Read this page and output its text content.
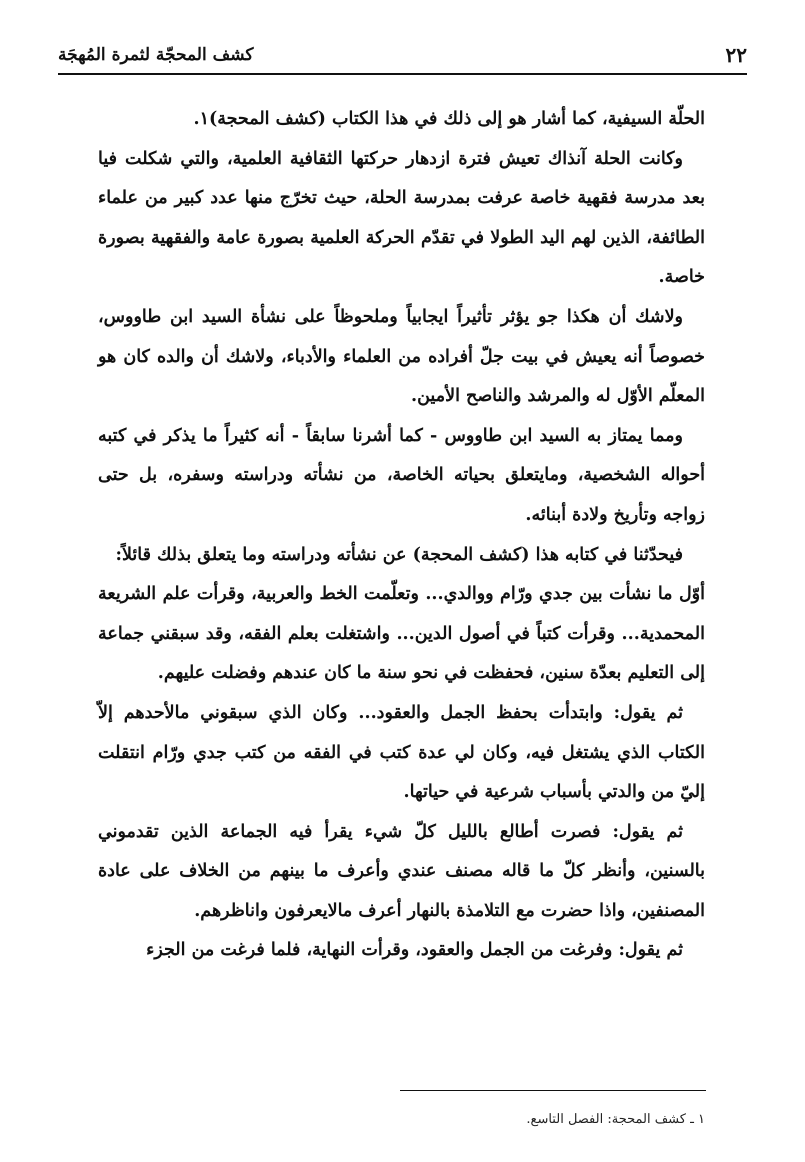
٢٢
كشف المحجّة لثمرة المُهجَة

الحلّة السيفية، كما أشار هو إلى ذلك في هذا الكتاب (كشف المحجة)١.

وكانت الحلة آنذاك تعيش فترة ازدهار حركتها الثقافية العلمية، والتي شكلت فيا بعد مدرسة فقهية خاصة عرفت بمدرسة الحلة، حيث تخرّج منها عدد كبير من علماء الطائفة، الذين لهم اليد الطولا في تقدّم الحركة العلمية بصورة عامة والفقهية بصورة خاصة.

ولاشك أن هكذا جو يؤثر تأثيراً ايجابياً وملحوظاً على نشأة السيد ابن طاووس، خصوصاً أنه يعيش في بيت جلّ أفراده من العلماء والأدباء، ولاشك أن والده كان هو المعلّم الأوّل له والمرشد والناصح الأمين.

ومما يمتاز به السيد ابن طاووس - كما أشرنا سابقاً - أنه كثيراً ما يذكر في كتبه أحواله الشخصية، ومايتعلق بحياته الخاصة، من نشأته ودراسته وسفره، بل حتى زواجه وتأريخ ولادة أبنائه.

فيحدّثنا في كتابه هذا (كشف المحجة) عن نشأته ودراسته وما يتعلق بذلك قائلاً:

أوّل ما نشأت بين جدي ورّام ووالدي... وتعلّمت الخط والعربية، وقرأت علم الشريعة المحمدية... وقرأت كتباً في أصول الدين... واشتغلت بعلم الفقه، وقد سبقني جماعة إلى التعليم بعدّة سنين، فحفظت في نحو سنة ما كان عندهم وفضلت عليهم.

ثم يقول: وابتدأت بحفظ الجمل والعقود... وكان الذي سبقوني مالأحدهم إلاّ الكتاب الذي يشتغل فيه، وكان لي عدة كتب في الفقه من كتب جدي ورّام انتقلت إليّ من والدتي بأسباب شرعية في حياتها.

ثم يقول: فصرت أطالع بالليل كلّ شيء يقرأ فيه الجماعة الذين تقدموني بالسنين، وأنظر كلّ ما قاله مصنف عندي وأعرف ما بينهم من الخلاف على عادة المصنفين، واذا حضرت مع التلامذة بالنهار أعرف مالايعرفون واناظرهم.

ثم يقول: وفرغت من الجمل والعقود، وقرأت النهاية، فلما فرغت من الجزء

١ ـ كشف المحجة: الفصل التاسع.
